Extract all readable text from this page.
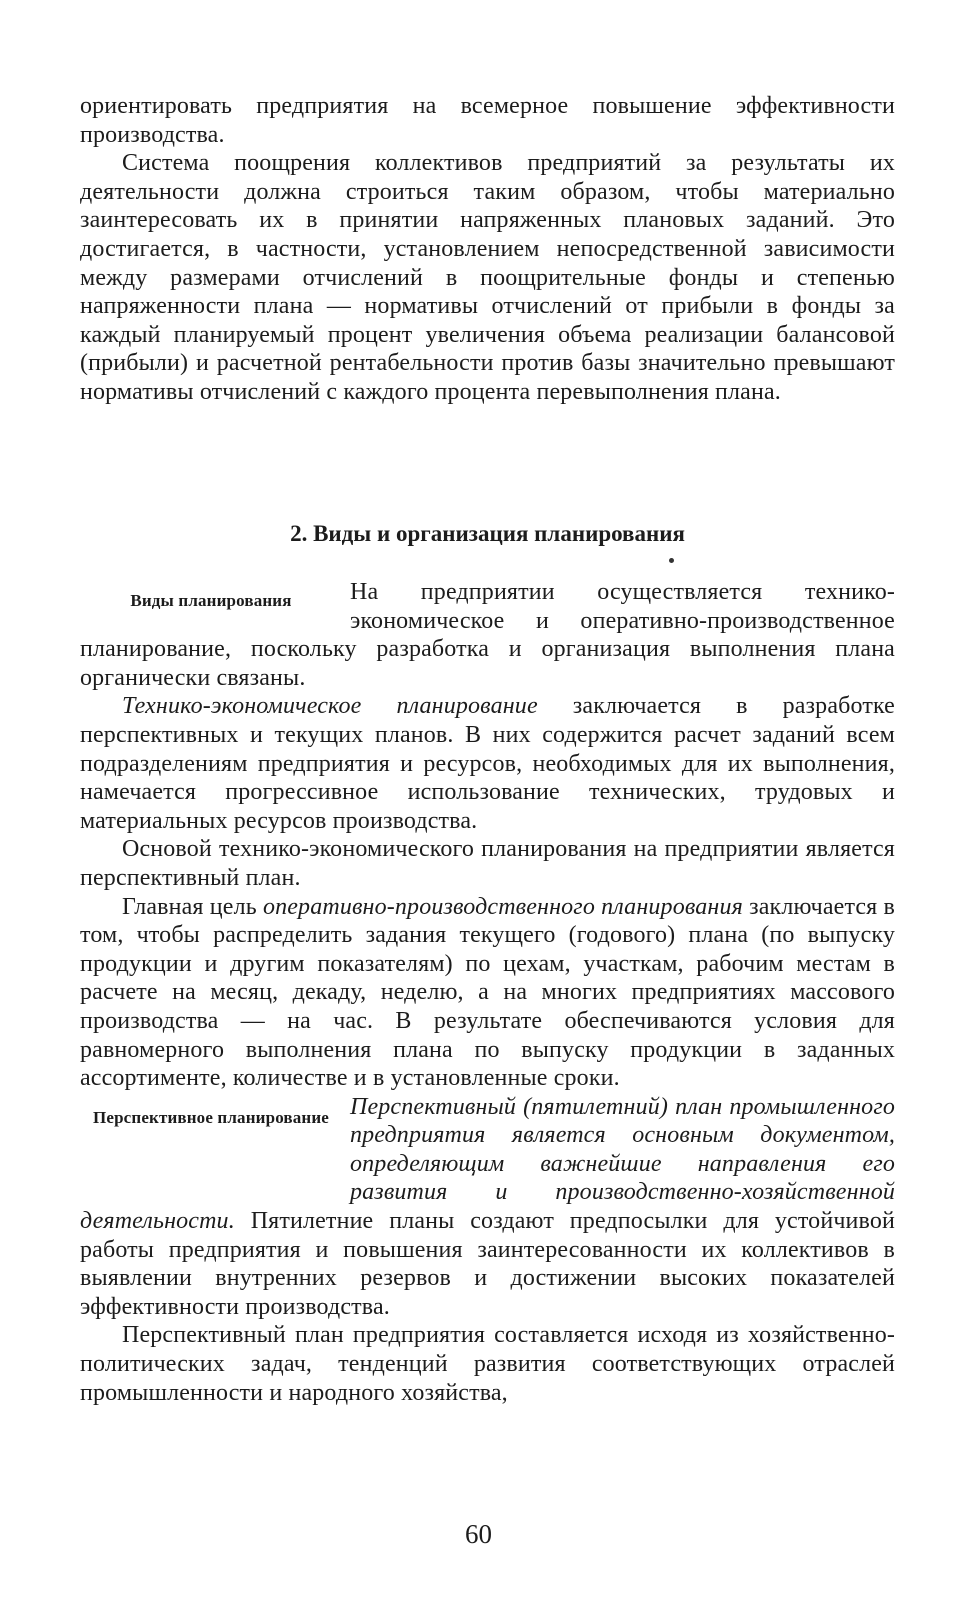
ориентировать предприятия на всемерное повышение эффективности производства.

Система поощрения коллективов предприятий за результаты их деятельности должна строиться таким образом, чтобы материально заинтересовать их в принятии напряженных плановых заданий. Это достигается, в частности, установлением непосредственной зависимости между размерами отчислений в поощрительные фонды и степенью напряженности плана — нормативы отчислений от прибыли в фонды за каждый планируемый процент увеличения объема реализации балансовой (прибыли) и расчетной рентабельности против базы значительно превышают нормативы отчислений с каждого процента перевыполнения плана.

2. Виды и организация планирования
Виды планирования	На предприятии осуществляется технико-экономическое и оперативно-производственное планирование, поскольку разработка и организация выполнения плана органически связаны.

Технико-экономическое планирование заключается в разработке перспективных и текущих планов. В них содержится расчет заданий всем подразделениям предприятия и ресурсов, необходимых для их выполнения, намечается прогрессивное использование технических, трудовых и материальных ресурсов производства.

Основой технико-экономического планирования на предприятии является перспективный план.

Главная цель оперативно-производственного планирования заключается в том, чтобы распределить задания текущего (годового) плана (по выпуску продукции и другим показателям) по цехам, участкам, рабочим местам в расчете на месяц, декаду, неделю, а на многих предприятиях массового производства — на час. В результате обеспечиваются условия для равномерного выполнения плана по выпуску продукции в заданных ассортименте, количестве и в установленные сроки.

Перспективное планирование Перспективный (пятилетний) план промышленного предприятия является основным документом, определяющим важнейшие направления его развития и производственно-хозяйственной деятельности. Пятилетние планы создают предпосылки для устойчивой работы предприятия и повышения заинтересованности их коллективов в выявлении внутренних резервов и достижении высоких показателей эффективности производства.

Перспективный план предприятия составляется исходя из хозяйственно-политических задач, тенденций развития соответствующих отраслей промышленности и народного хозяйства,

60
